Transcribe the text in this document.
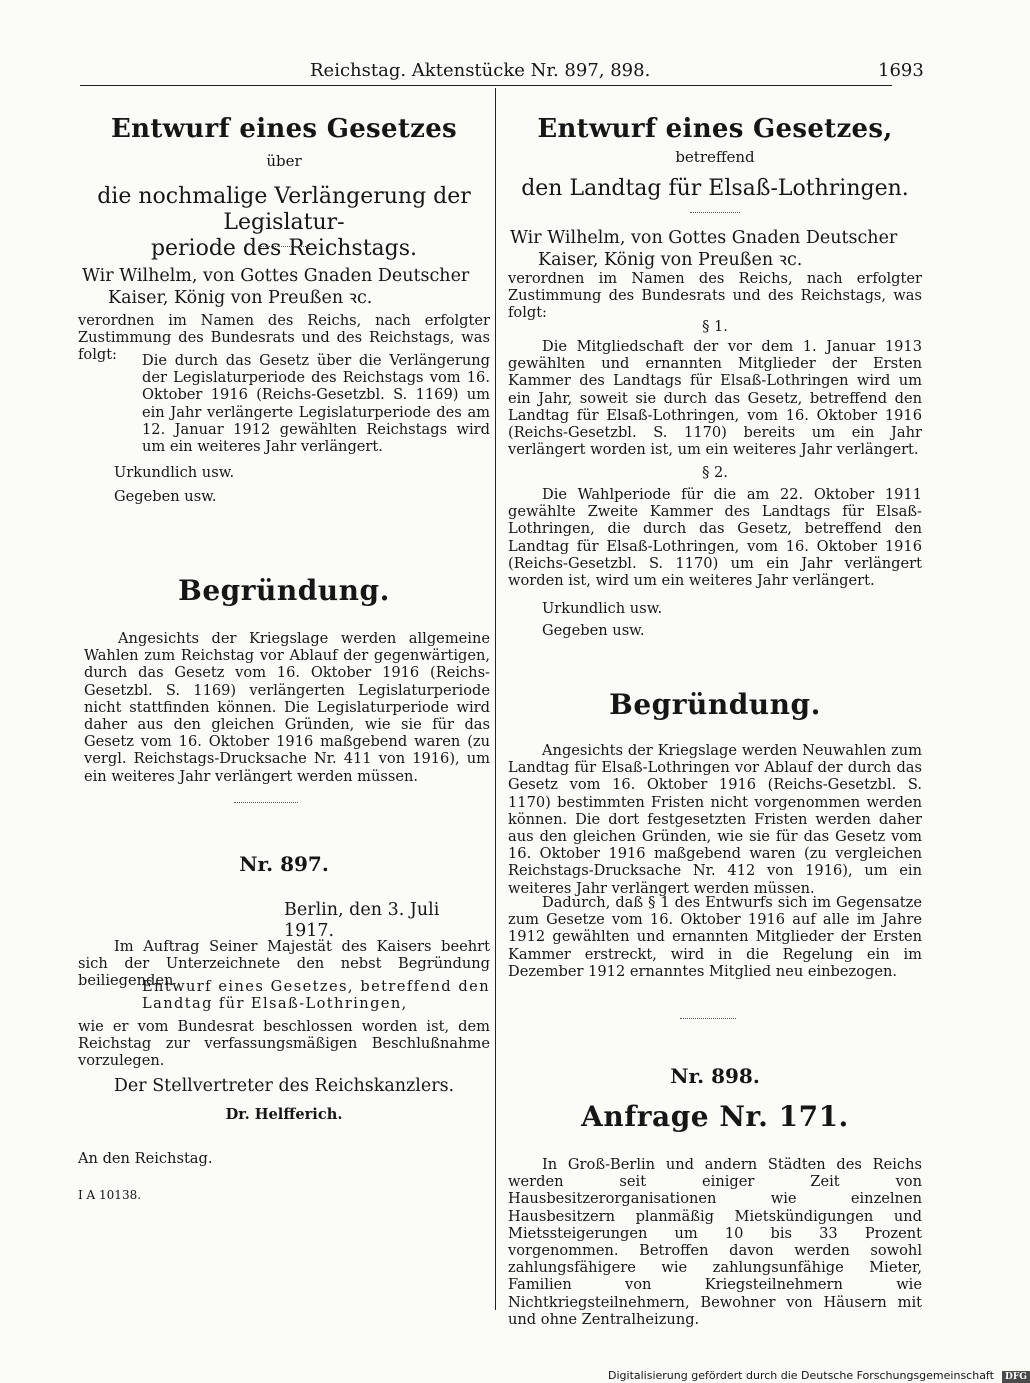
Reichstag. Aktenstücke Nr. 897, 898.	1693
Entwurf eines Gesetzes
über
die nochmalige Verlängerung der Legislatur-
periode des Reichstags.
Wir Wilhelm, von Gottes Gnaden Deutscher
Kaiser, König von Preußen ꝛc.
verordnen im Namen des Reichs, nach erfolgter Zustimmung des Bundesrats und des Reichstags, was folgt:	Die durch das Gesetz über die Verlängerung der Legislaturperiode des Reichstags vom 16. Oktober 1916 (Reichs-Gesetzbl. S. 1169) um ein Jahr verlängerte Legislaturperiode des am 12. Januar 1912 gewählten Reichstags wird um ein weiteres Jahr verlängert.
Urkundlich usw.
Gegeben usw.
Begründung.
Angesichts der Kriegslage werden allgemeine Wahlen zum Reichstag vor Ablauf der gegenwärtigen, durch das Gesetz vom 16. Oktober 1916 (Reichs-Gesetzbl. S. 1169) verlängerten Legislaturperiode nicht stattfinden können. Die Legislaturperiode wird daher aus den gleichen Gründen, wie sie für das Gesetz vom 16. Oktober 1916 maßgebend waren (zu vergl. Reichstags-Drucksache Nr. 411 von 1916), um ein weiteres Jahr verlängert werden müssen.
Nr. 897.
Berlin, den 3. Juli 1917.
Im Auftrag Seiner Majestät des Kaisers beehrt sich der Unterzeichnete den nebst Begründung beiliegenden
Entwurf eines Gesetzes, betreffend den Landtag für Elsaß-Lothringen,
wie er vom Bundesrat beschlossen worden ist, dem Reichstag zur verfassungsmäßigen Beschlußnahme vorzulegen.
Der Stellvertreter des Reichskanzlers.
Dr. Helfferich.
An den Reichstag.
I A 10138.
Entwurf eines Gesetzes,
betreffend
den Landtag für Elsaß-Lothringen.
Wir Wilhelm, von Gottes Gnaden Deutscher
Kaiser, König von Preußen ꝛc.
verordnen im Namen des Reichs, nach erfolgter Zustimmung des Bundesrats und des Reichstags, was folgt:
§ 1.
Die Mitgliedschaft der vor dem 1. Januar 1913 gewählten und ernannten Mitglieder der Ersten Kammer des Landtags für Elsaß-Lothringen wird um ein Jahr, soweit sie durch das Gesetz, betreffend den Landtag für Elsaß-Lothringen, vom 16. Oktober 1916 (Reichs-Gesetzbl. S. 1170) bereits um ein Jahr verlängert worden ist, um ein weiteres Jahr verlängert.
§ 2.
Die Wahlperiode für die am 22. Oktober 1911 gewählte Zweite Kammer des Landtags für Elsaß-Lothringen, die durch das Gesetz, betreffend den Landtag für Elsaß-Lothringen, vom 16. Oktober 1916 (Reichs-Gesetzbl. S. 1170) um ein Jahr verlängert worden ist, wird um ein weiteres Jahr verlängert.
Urkundlich usw.
Gegeben usw.
Begründung.
Angesichts der Kriegslage werden Neuwahlen zum Landtag für Elsaß-Lothringen vor Ablauf der durch das Gesetz vom 16. Oktober 1916 (Reichs-Gesetzbl. S. 1170) bestimmten Fristen nicht vorgenommen werden können. Die dort festgesetzten Fristen werden daher aus den gleichen Gründen, wie sie für das Gesetz vom 16. Oktober 1916 maßgebend waren (zu vergleichen Reichstags-Drucksache Nr. 412 von 1916), um ein weiteres Jahr verlängert werden müssen.
Dadurch, daß § 1 des Entwurfs sich im Gegensatze zum Gesetze vom 16. Oktober 1916 auf alle im Jahre 1912 gewählten und ernannten Mitglieder der Ersten Kammer erstreckt, wird in die Regelung ein im Dezember 1912 ernanntes Mitglied neu einbezogen.
Nr. 898.
Anfrage Nr. 171.
In Groß-Berlin und andern Städten des Reichs werden seit einiger Zeit von Hausbesitzerorganisationen wie einzelnen Hausbesitzern planmäßig Mietskündigungen und Mietssteigerungen um 10 bis 33 Prozent vorgenommen. Betroffen davon werden sowohl zahlungsfähigere wie zahlungsunfähige Mieter, Familien von Kriegsteilnehmern wie Nichtkriegsteilnehmern, Bewohner von Häusern mit und ohne Zentralheizung.
Digitalisierung gefördert durch die Deutsche Forschungsgemeinschaft DFG
